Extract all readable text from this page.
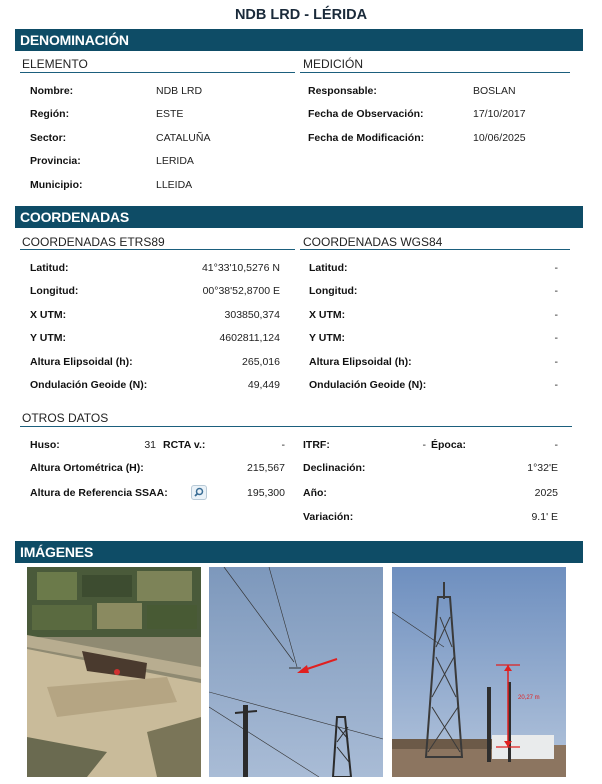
NDB LRD - LÉRIDA
DENOMINACIÓN
ELEMENTO	MEDICIÓN
Nombre:	NDB LRD
Región:	ESTE
Sector:	CATALUÑA
Provincia:	LERIDA
Municipio:	LLEIDA
Responsable:	BOSLAN
Fecha de Observación:	17/10/2017
Fecha de Modificación:	10/06/2025
COORDENADAS
COORDENADAS ETRS89	COORDENADAS WGS84
Latitud:	41°33'10,5276 N
Longitud:	00°38'52,8700 E
X UTM:	303850,374
Y UTM:	4602811,124
Altura Elipsoidal (h):	265,016
Ondulación Geoide (N):	49,449
Latitud:	-
Longitud:	-
X UTM:	-
Y UTM:	-
Altura Elipsoidal (h):	-
Ondulación Geoide (N):	-
OTROS DATOS
Huso:	31 RCTA v.:	-
Altura Ortométrica (H):	215,567
Altura de Referencia SSAA:	195,300
ITRF:	- Época:	-
Declinación:	1°32'E
Año:	2025
Variación:	9.1' E
IMÁGENES
20,27 m
